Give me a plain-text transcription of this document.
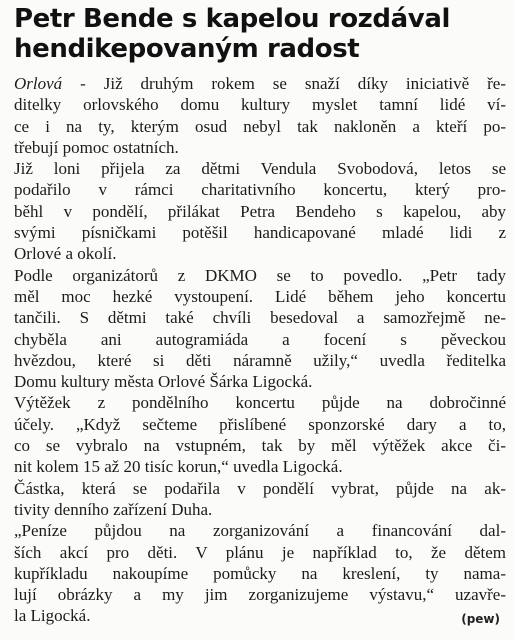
Petr Bende s kapelou rozdával
hendikepovaným radost
Orlová - Již druhým rokem se snaží díky iniciativě ře-
ditelky orlovského domu kultury myslet tamní lidé ví-
ce i na ty, kterým osud nebyl tak nakloněn a kteří po-
třebují pomoc ostatních.
Již loni přijela za dětmi Vendula Svobodová, letos se
podařilo v rámci charitativního koncertu, který pro-
běhl v pondělí, přilákat Petra Bendeho s kapelou, aby
svými písničkami potěšil handicapované mladé lidi z
Orlové a okolí.
Podle organizátorů z DKMO se to povedlo. „Petr tady
měl moc hezké vystoupení. Lidé během jeho koncertu
tančili. S dětmi také chvíli besedoval a samozřejmě ne-
chyběla ani autogramiáda a focení s pěveckou
hvězdou, které si děti náramně užily,“ uvedla ředitelka
Domu kultury města Orlové Šárka Ligocká.
Výtěžek z pondělního koncertu půjde na dobročinné
účely. „Když sečteme přislíbené sponzorské dary a to,
co se vybralo na vstupném, tak by měl výtěžek akce či-
nit kolem 15 až 20 tisíc korun,“ uvedla Ligocká.
Částka, která se podařila v pondělí vybrat, půjde na ak-
tivity denního zařízení Duha.
„Peníze půjdou na zorganizování a financování dal-
ších akcí pro děti. V plánu je například to, že dětem
kupříkladu nakoupíme pomůcky na kreslení, ty nama-
lují obrázky a my jim zorganizujeme výstavu,“ uzavře-
la Ligocká.	(pew)
